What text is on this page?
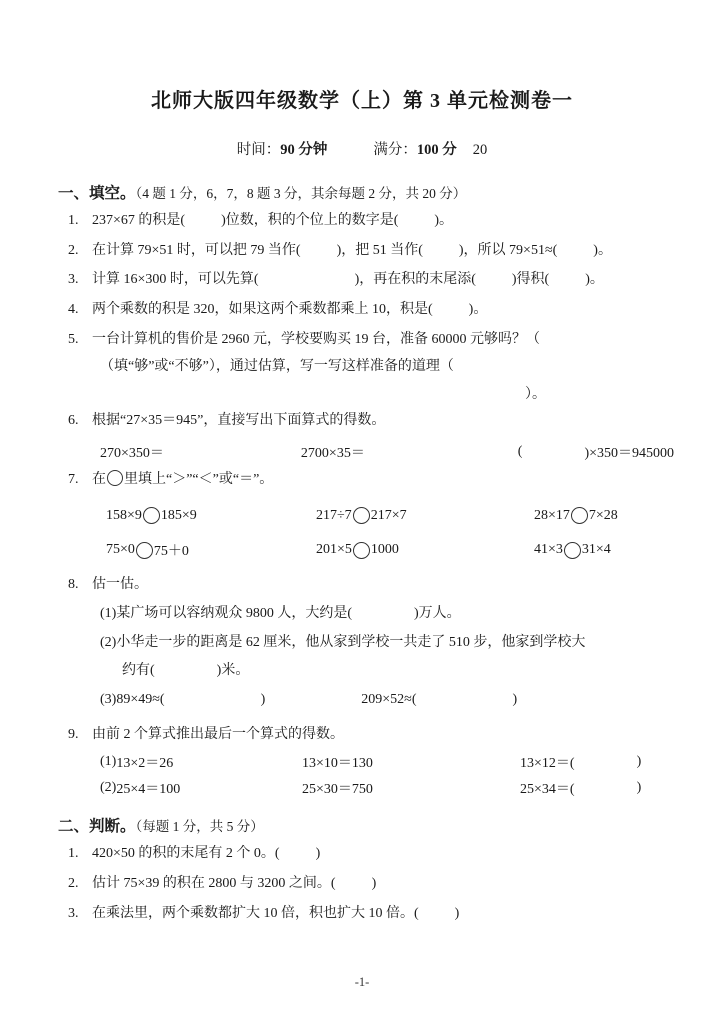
北师大版四年级数学（上）第 3 单元检测卷一
时间：90 分钟	满分：100 分 20
一、填空。（4 题 1 分，6，7，8 题 3 分，其余每题 2 分，共 20 分）
1. 237×67 的积是(	)位数，积的个位上的数字是(	)。
2. 在计算 79×51 时，可以把 79 当作(	)，把 51 当作(	)，所以 79×51≈(	)。
3. 计算 16×300 时，可以先算(	)，再在积的末尾添(	)得积(	)。
4. 两个乘数的积是 320，如果这两个乘数都乘上 10，积是(	)。
5. 一台计算机的售价是 2960 元，学校要购买 19 台，准备 60000 元够吗？（
（填“够”或“不够”），通过估算，写一写这样准备的道理（
）。
6. 根据“27×35＝945”，直接写出下面算式的得数。
270×350＝	2700×35＝	(	)×350＝945000
7. 在 里填上“＞”“＜”或“＝”。
158×9 185×9	217÷7 217×7	28×17 7×28
75×0 75＋0	201×5 1000	41×3 31×4
8. 估一估。
(1)某广场可以容纳观众 9800 人，大约是(	)万人。
(2)小华走一步的距离是 62 厘米，他从家到学校一共走了 510 步，他家到学校大
约有(	)米。
(3)89×49≈(	)	209×52≈(	)
9. 由前 2 个算式推出最后一个算式的得数。
(1) 13×2＝26	13×10＝130	13×12＝(	)
(2) 25×4＝100	25×30＝750	25×34＝(	)
二、判断。（每题 1 分，共 5 分）
1. 420×50 的积的末尾有 2 个 0。(	)
2. 估计 75×39 的积在 2800 与 3200 之间。(	)
3. 在乘法里，两个乘数都扩大 10 倍，积也扩大 10 倍。(	)
-1-
